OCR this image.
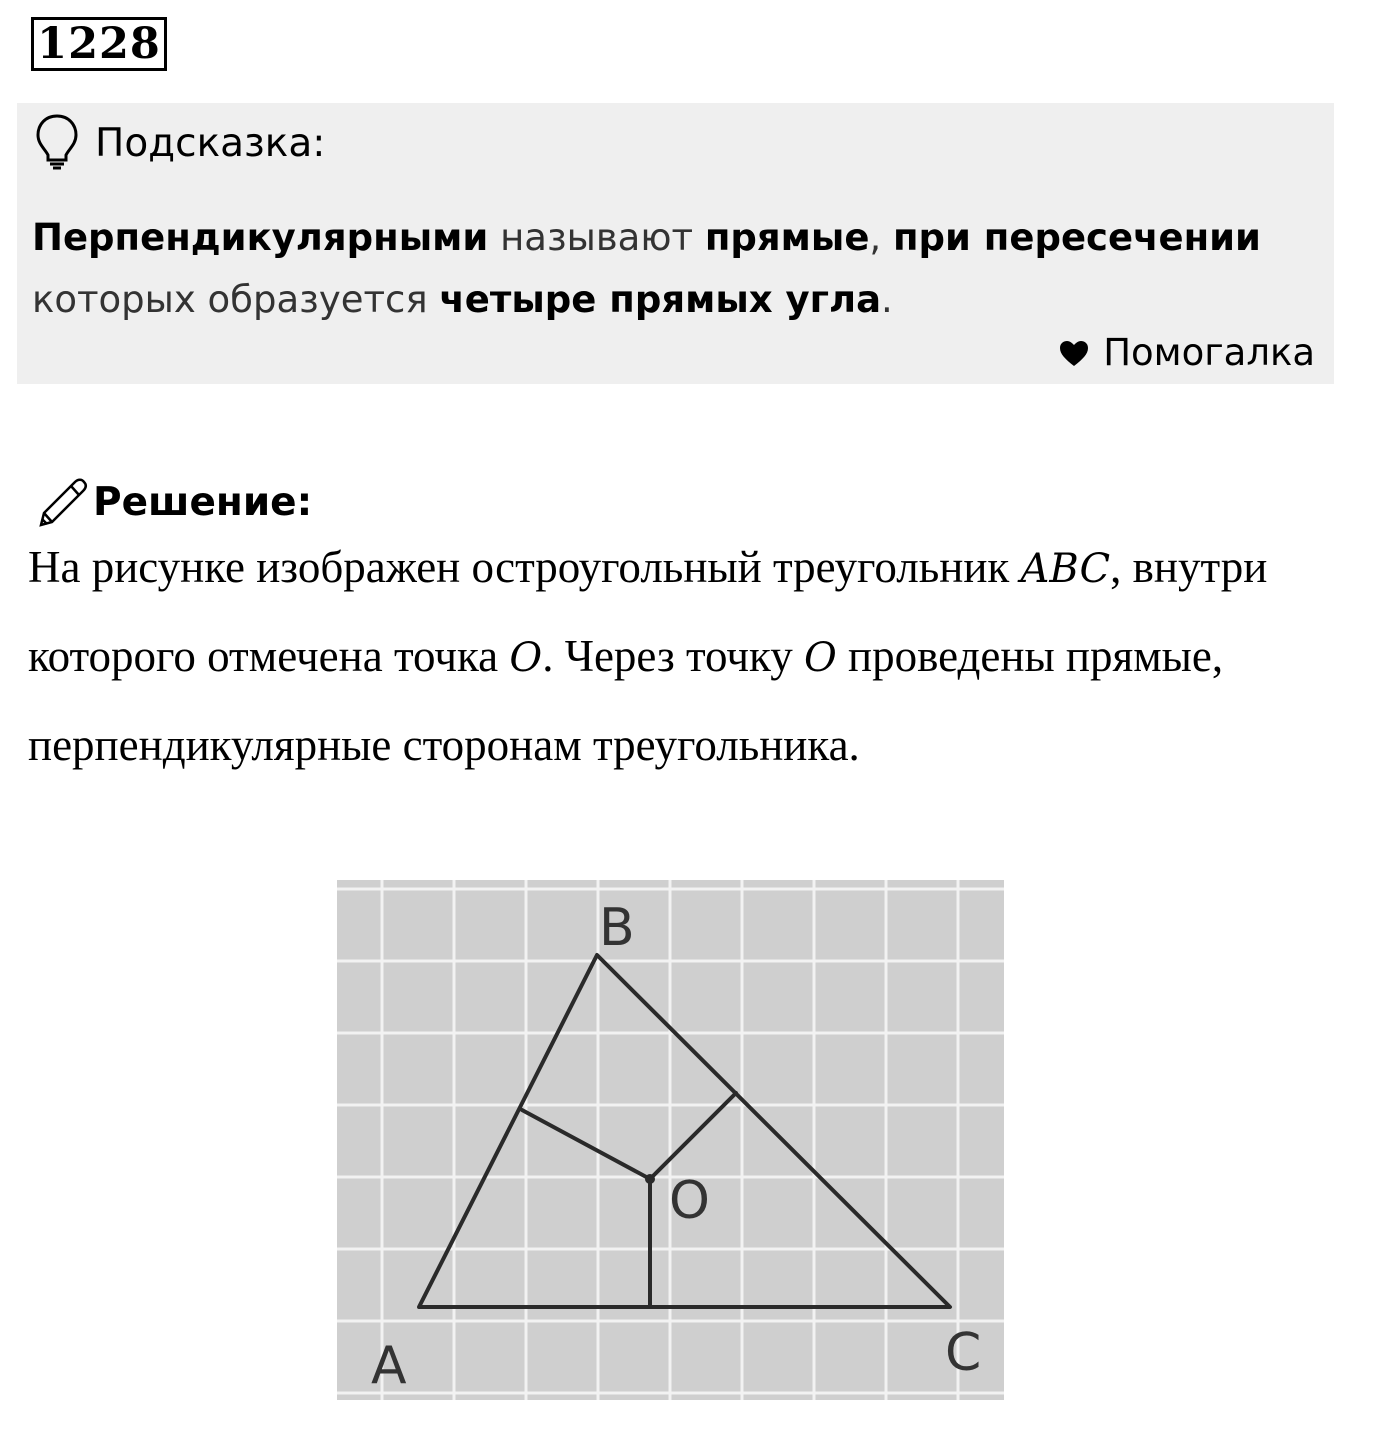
1228
Подсказка:
Перпендикулярными называют прямые, при пересечении
которых образуется четыре прямых угла.
Помогалка
Решение:
На рисунке изображен остроугольный треугольник ABC, внутри которого отмечена точка O. Через точку O проведены прямые, перпендикулярные сторонам треугольника.
B
A	C
O
